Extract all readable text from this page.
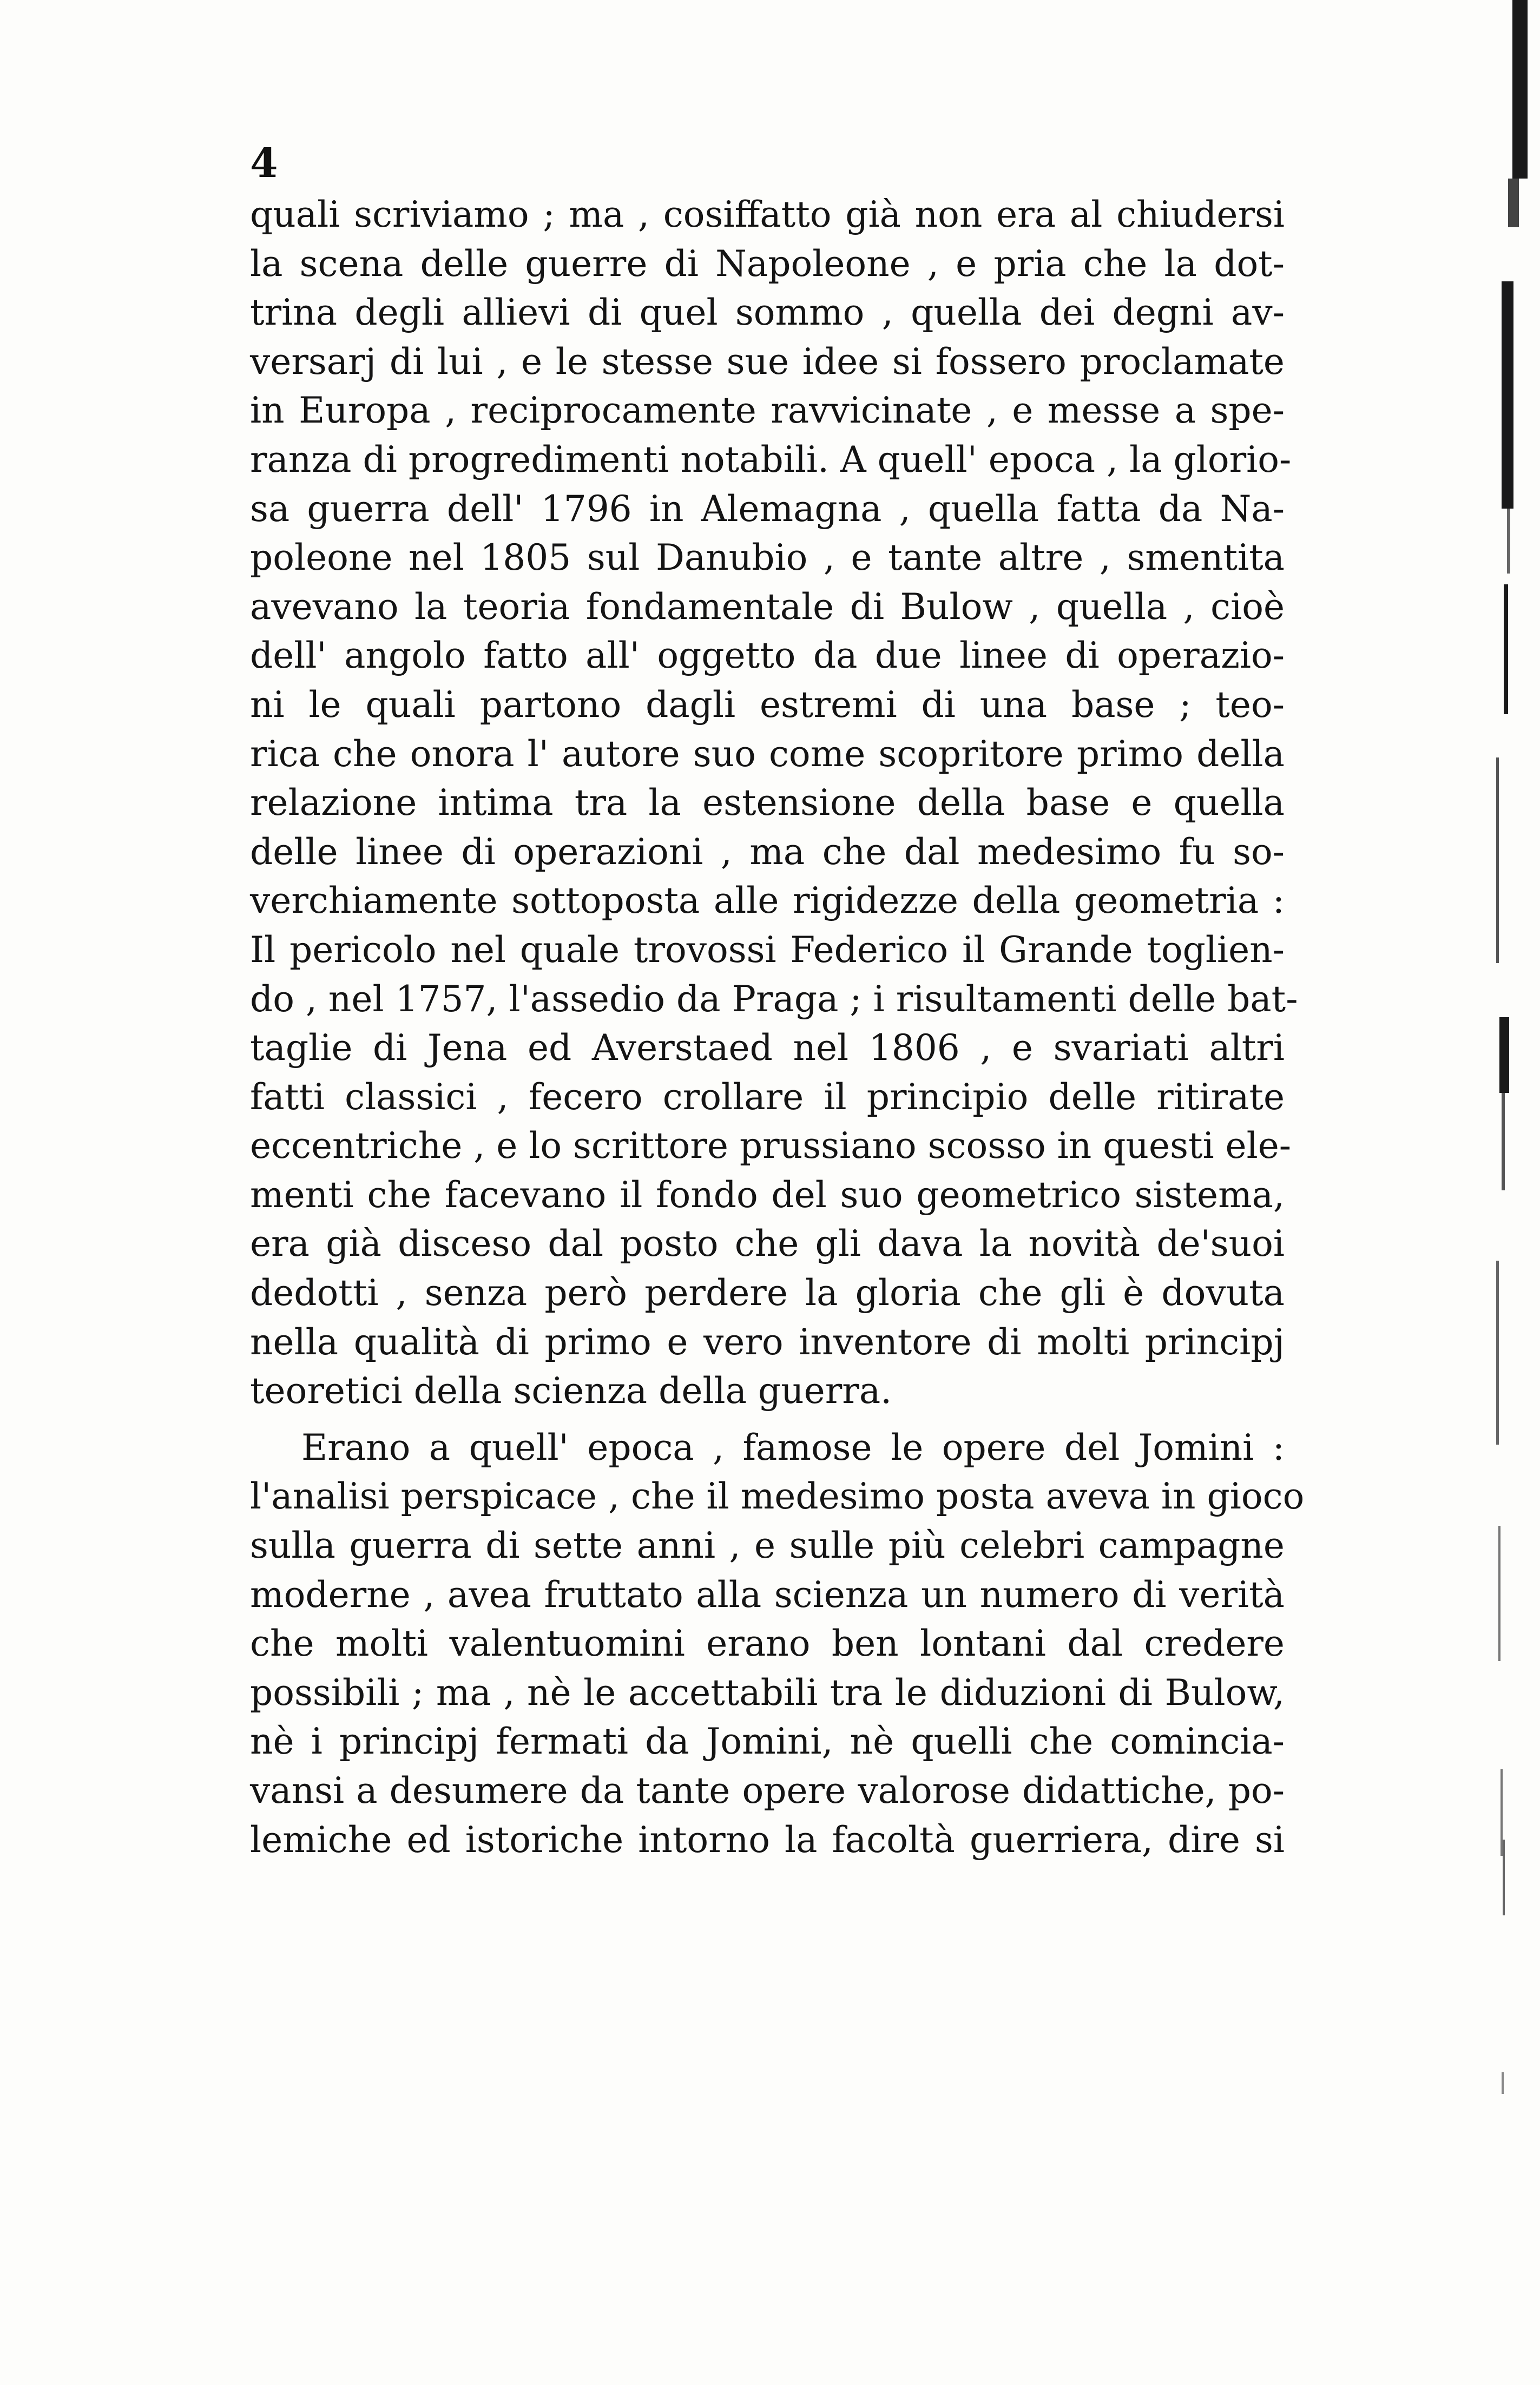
4
quali scriviamo ; ma , cosiffatto già non era al chiudersi
la scena delle guerre di Napoleone , e pria che la dot-
trina degli allievi di quel sommo , quella dei degni av-
versarj di lui , e le stesse sue idee si fossero proclamate
in Europa , reciprocamente ravvicinate , e messe a spe-
ranza di progredimenti notabili. A quell' epoca , la glorio-
sa guerra dell' 1796 in Alemagna , quella fatta da Na-
poleone nel 1805 sul Danubio , e tante altre , smentita
avevano la teoria fondamentale di Bulow , quella , cioè
dell' angolo fatto all' oggetto da due linee di operazio-
ni le quali partono dagli estremi di una base ; teo-
rica che onora l' autore suo come scopritore primo della
relazione intima tra la estensione della base e quella
delle linee di operazioni , ma che dal medesimo fu so-
verchiamente sottoposta alle rigidezze della geometria :
Il pericolo nel quale trovossi Federico il Grande toglien-
do , nel 1757, l'assedio da Praga ; i risultamenti delle bat-
taglie di Jena ed Averstaed nel 1806 , e svariati altri
fatti classici , fecero crollare il principio delle ritirate
eccentriche , e lo scrittore prussiano scosso in questi ele-
menti che facevano il fondo del suo geometrico sistema,
era già disceso dal posto che gli dava la novità de'suoi
dedotti , senza però perdere la gloria che gli è dovuta
nella qualità di primo e vero inventore di molti principj
teoretici della scienza della guerra.
Erano a quell' epoca , famose le opere del Jomini :
l'analisi perspicace , che il medesimo posta aveva in gioco
sulla guerra di sette anni , e sulle più celebri campagne
moderne , avea fruttato alla scienza un numero di verità
che molti valentuomini erano ben lontani dal credere
possibili ; ma , nè le accettabili tra le diduzioni di Bulow,
nè i principj fermati da Jomini, nè quelli che comincia-
vansi a desumere da tante opere valorose didattiche, po-
lemiche ed istoriche intorno la facoltà guerriera, dire si
